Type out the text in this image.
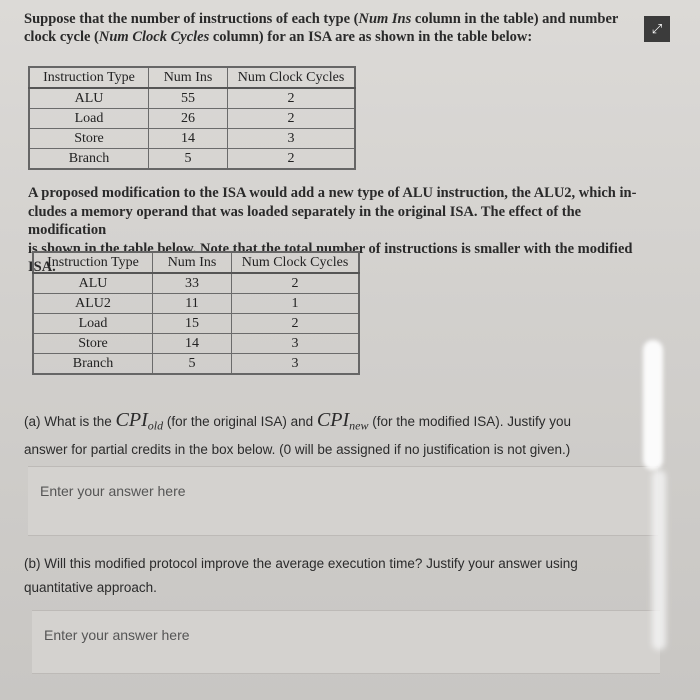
Suppose that the number of instructions of each type (Num Ins column in the table) and number
clock cycle (Num Clock Cycles column) for an ISA are as shown in the table below:
⤢
Instruction Type	Num Ins	Num Clock Cycles
ALU	55	2
Load	26	2
Store	14	3
Branch	5	2
A proposed modification to the ISA would add a new type of ALU instruction, the ALU2, which in-
cludes a memory operand that was loaded separately in the original ISA. The effect of the modification
is shown in the table below. Note that the total number of instructions is smaller with the modified ISA.
Instruction Type	Num Ins	Num Clock Cycles
ALU	33	2
ALU2	11	1
Load	15	2
Store	14	3
Branch	5	3
(a) What is the $CPI_{old}$ (for the original ISA) and $CPI_{new}$ (for the modified ISA). Justify you
answer for partial credits in the box below. (0 will be assigned if no justification is not given.)
Enter your answer here
(b) Will this modified protocol improve the average execution time? Justify your answer using
quantitative approach.
Enter your answer here
